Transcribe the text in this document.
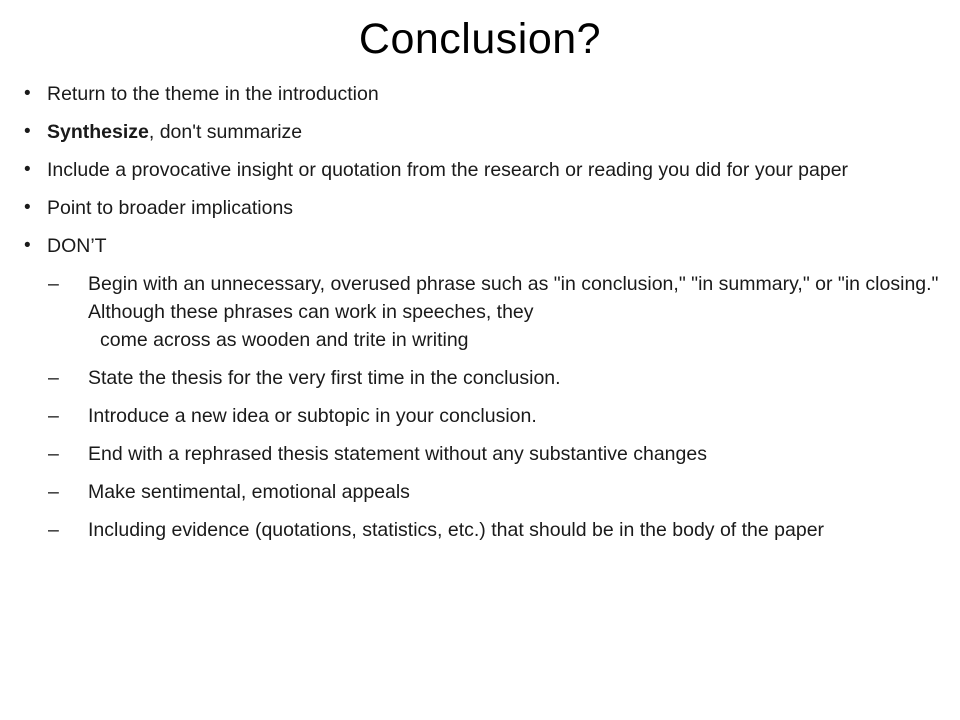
Conclusion?
• Return to the theme in the introduction
• Synthesize, don't summarize
• Include a provocative insight or quotation from the research or reading you did for your paper
• Point to broader implications
• DON’T
– Begin with an unnecessary, overused phrase such as "in conclusion," "in summary," or "in closing." Although these phrases can work in speeches, they
come across as wooden and trite in writing
– State the thesis for the very first time in the conclusion.
– Introduce a new idea or subtopic in your conclusion.
– End with a rephrased thesis statement without any substantive changes
– Make sentimental, emotional appeals
– Including evidence (quotations, statistics, etc.) that should be in the body of the paper
